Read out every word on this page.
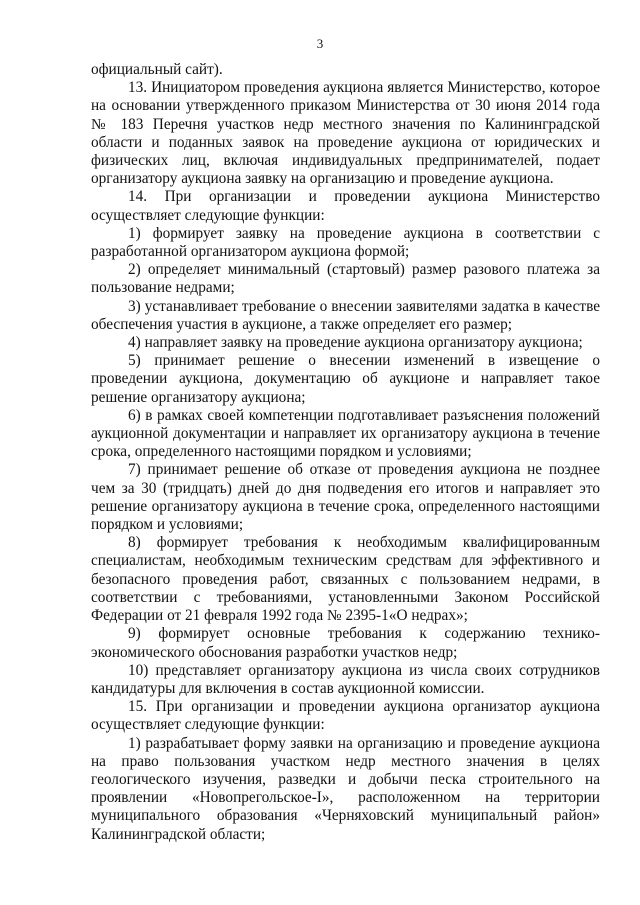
3

официальный сайт).

13. Инициатором проведения аукциона является Министерство, которое на основании утвержденного приказом Министерства от 30 июня 2014 года № 183 Перечня участков недр местного значения по Калининградской области и поданных заявок на проведение аукциона от юридических и физических лиц, включая индивидуальных предпринимателей, подает организатору аукциона заявку на организацию и проведение аукциона.

14. При организации и проведении аукциона Министерство осуществляет следующие функции:

1) формирует заявку на проведение аукциона в соответствии с разработанной организатором аукциона формой;

2) определяет минимальный (стартовый) размер разового платежа за пользование недрами;

3) устанавливает требование о внесении заявителями задатка в качестве обеспечения участия в аукционе, а также определяет его размер;

4) направляет заявку на проведение аукциона организатору аукциона;

5) принимает решение о внесении изменений в извещение о проведении аукциона, документацию об аукционе и направляет такое решение организатору аукциона;

6) в рамках своей компетенции подготавливает разъяснения положений аукционной документации и направляет их организатору аукциона в течение срока, определенного настоящими порядком и условиями;

7) принимает решение об отказе от проведения аукциона не позднее чем за 30 (тридцать) дней до дня подведения его итогов и направляет это решение организатору аукциона в течение срока, определенного настоящими порядком и условиями;

8) формирует требования к необходимым квалифицированным специалистам, необходимым техническим средствам для эффективного и безопасного проведения работ, связанных с пользованием недрами, в соответствии с требованиями, установленными Законом Российской Федерации от 21 февраля 1992 года № 2395-1«О недрах»;

9) формирует основные требования к содержанию технико-экономического обоснования разработки участков недр;

10) представляет организатору аукциона из числа своих сотрудников кандидатуры для включения в состав аукционной комиссии.

15. При организации и проведении аукциона организатор аукциона осуществляет следующие функции:

1) разрабатывает форму заявки на организацию и проведение аукциона на право пользования участком недр местного значения в целях геологического изучения, разведки и добычи песка строительного на проявлении «Новопрегольское-I», расположенном на территории муниципального образования «Черняховский муниципальный район» Калининградской области;
